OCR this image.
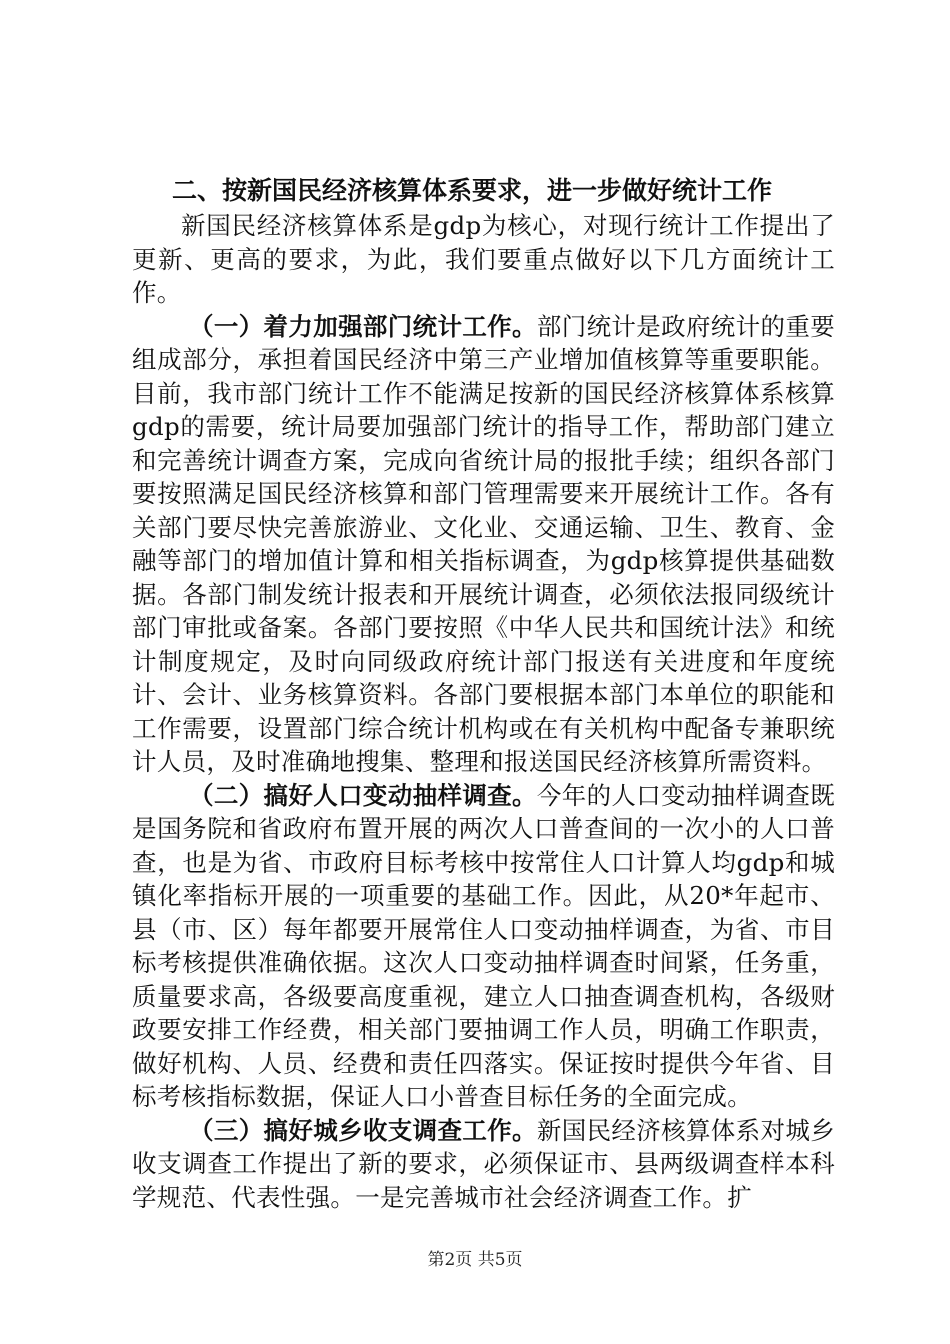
二、按新国民经济核算体系要求，进一步做好统计工作

新国民经济核算体系是gdp为核心，对现行统计工作提出了更新、更高的要求，为此，我们要重点做好以下几方面统计工作。

（一）着力加强部门统计工作。部门统计是政府统计的重要组成部分，承担着国民经济中第三产业增加值核算等重要职能。目前，我市部门统计工作不能满足按新的国民经济核算体系核算gdp的需要，统计局要加强部门统计的指导工作，帮助部门建立和完善统计调查方案，完成向省统计局的报批手续；组织各部门要按照满足国民经济核算和部门管理需要来开展统计工作。各有关部门要尽快完善旅游业、文化业、交通运输、卫生、教育、金融等部门的增加值计算和相关指标调查，为gdp核算提供基础数据。各部门制发统计报表和开展统计调查，必须依法报同级统计部门审批或备案。各部门要按照《中华人民共和国统计法》和统计制度规定，及时向同级政府统计部门报送有关进度和年度统计、会计、业务核算资料。各部门要根据本部门本单位的职能和工作需要，设置部门综合统计机构或在有关机构中配备专兼职统计人员，及时准确地搜集、整理和报送国民经济核算所需资料。

（二）搞好人口变动抽样调查。今年的人口变动抽样调查既是国务院和省政府布置开展的两次人口普查间的一次小的人口普查，也是为省、市政府目标考核中按常住人口计算人均gdp和城镇化率指标开展的一项重要的基础工作。因此，从20*年起市、县（市、区）每年都要开展常住人口变动抽样调查，为省、市目标考核提供准确依据。这次人口变动抽样调查时间紧，任务重，质量要求高，各级要高度重视，建立人口抽查调查机构，各级财政要安排工作经费，相关部门要抽调工作人员，明确工作职责，做好机构、人员、经费和责任四落实。保证按时提供今年省、目标考核指标数据，保证人口小普查目标任务的全面完成。

（三）搞好城乡收支调查工作。新国民经济核算体系对城乡收支调查工作提出了新的要求，必须保证市、县两级调查样本科学规范、代表性强。一是完善城市社会经济调查工作。扩

第2页 共5页
